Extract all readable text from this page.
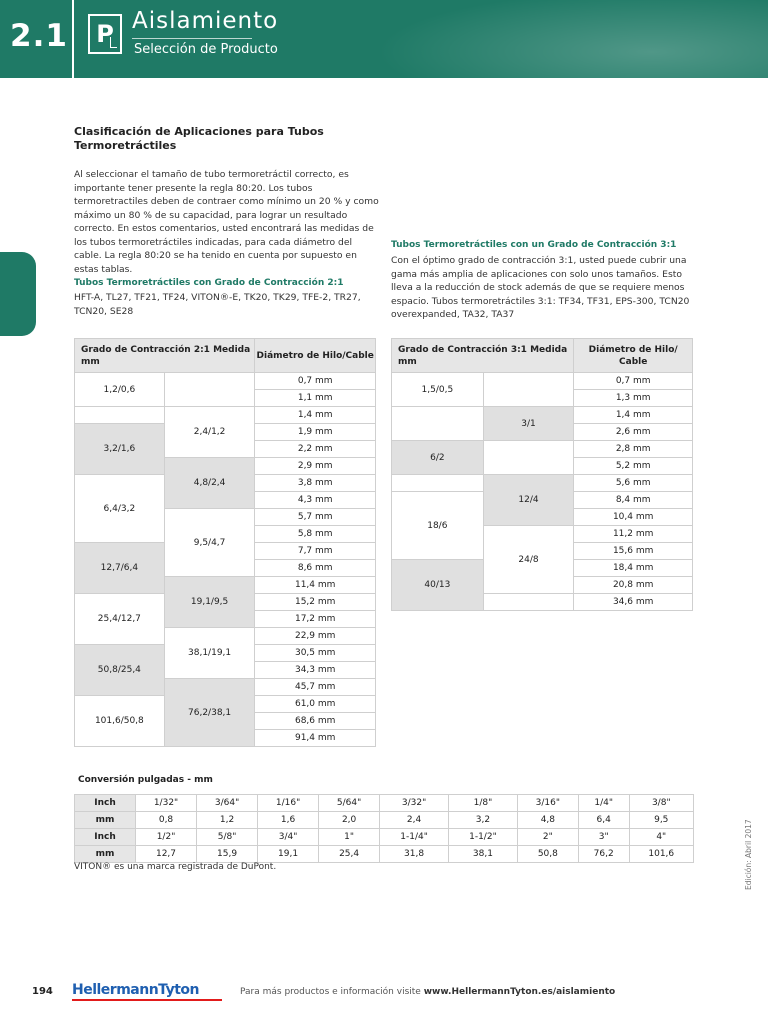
2.1	P Aislamiento
Selección de Producto
Clasificación de Aplicaciones para Tubos Termoretráctiles
Al seleccionar el tamaño de tubo termoretráctil correcto, es importante tener presente la regla 80:20. Los tubos termoretractiles deben de contraer como mínimo un 20 % y como máximo un 80 % de su capacidad, para lograr un resultado correcto. En estos comentarios, usted encontrará las medidas de los tubos termoretráctiles indicadas, para cada diámetro del cable. La regla 80:20 se ha tenido en cuenta por supuesto en estas tablas.
Tubos Termoretráctiles con Grado de Contracción 2:1
HFT-A, TL27, TF21, TF24, VITON®-E, TK20, TK29, TFE-2, TR27, TCN20, SE28
Tubos Termoretráctiles con un Grado de Contracción 3:1
Con el óptimo grado de contracción 3:1, usted puede cubrir una gama más amplia de aplicaciones con solo unos tamaños. Esto lleva a la reducción de stock además de que se requiere menos espacio. Tubos termoretráctiles 3:1: TF34, TF31, EPS-300, TCN20 overexpanded, TA32, TA37
Grado de Contracción 2:1 Medida mm		Diámetro de Hilo/Cable
1,2/0,6		0,7 mm
		1,1 mm
	2,4/1,2	1,4 mm
3,2/1,6		1,9 mm
		2,2 mm
	4,8/2,4	2,9 mm
6,4/3,2		3,8 mm
		4,3 mm
	9,5/4,7	5,7 mm
		5,8 mm
12,7/6,4		7,7 mm
		8,6 mm
	19,1/9,5	11,4 mm
25,4/12,7		15,2 mm
		17,2 mm
	38,1/19,1	22,9 mm
50,8/25,4		30,5 mm
		34,3 mm
	76,2/38,1	45,7 mm
101,6/50,8		61,0 mm
		68,6 mm
		91,4 mm
Grado de Contracción 3:1 Medida mm		Diámetro de Hilo/ Cable
1,5/0,5		0,7 mm
		1,3 mm
	3/1	1,4 mm
		2,6 mm
6/2		2,8 mm
		5,2 mm
	12/4	5,6 mm
18/6		8,4 mm
		10,4 mm
	24/8	11,2 mm
		15,6 mm
40/13		18,4 mm
		20,8 mm
		34,6 mm
Conversión pulgadas - mm
Inch	1/32"	3/64"	1/16"	5/64"	3/32"	1/8"	3/16"	1/4"	3/8"
mm	0,8	1,2	1,6	2,0	2,4	3,2	4,8	6,4	9,5
Inch	1/2"	5/8"	3/4"	1"	1-1/4"	1-1/2"	2"	3"	4"
mm	12,7	15,9	19,1	25,4	31,8	38,1	50,8	76,2	101,6
VITON® es una marca registrada de DuPont.	Edición: Abril 2017
194 HellermannTyton	Para más productos e información visite www.HellermannTyton.es/aislamiento
